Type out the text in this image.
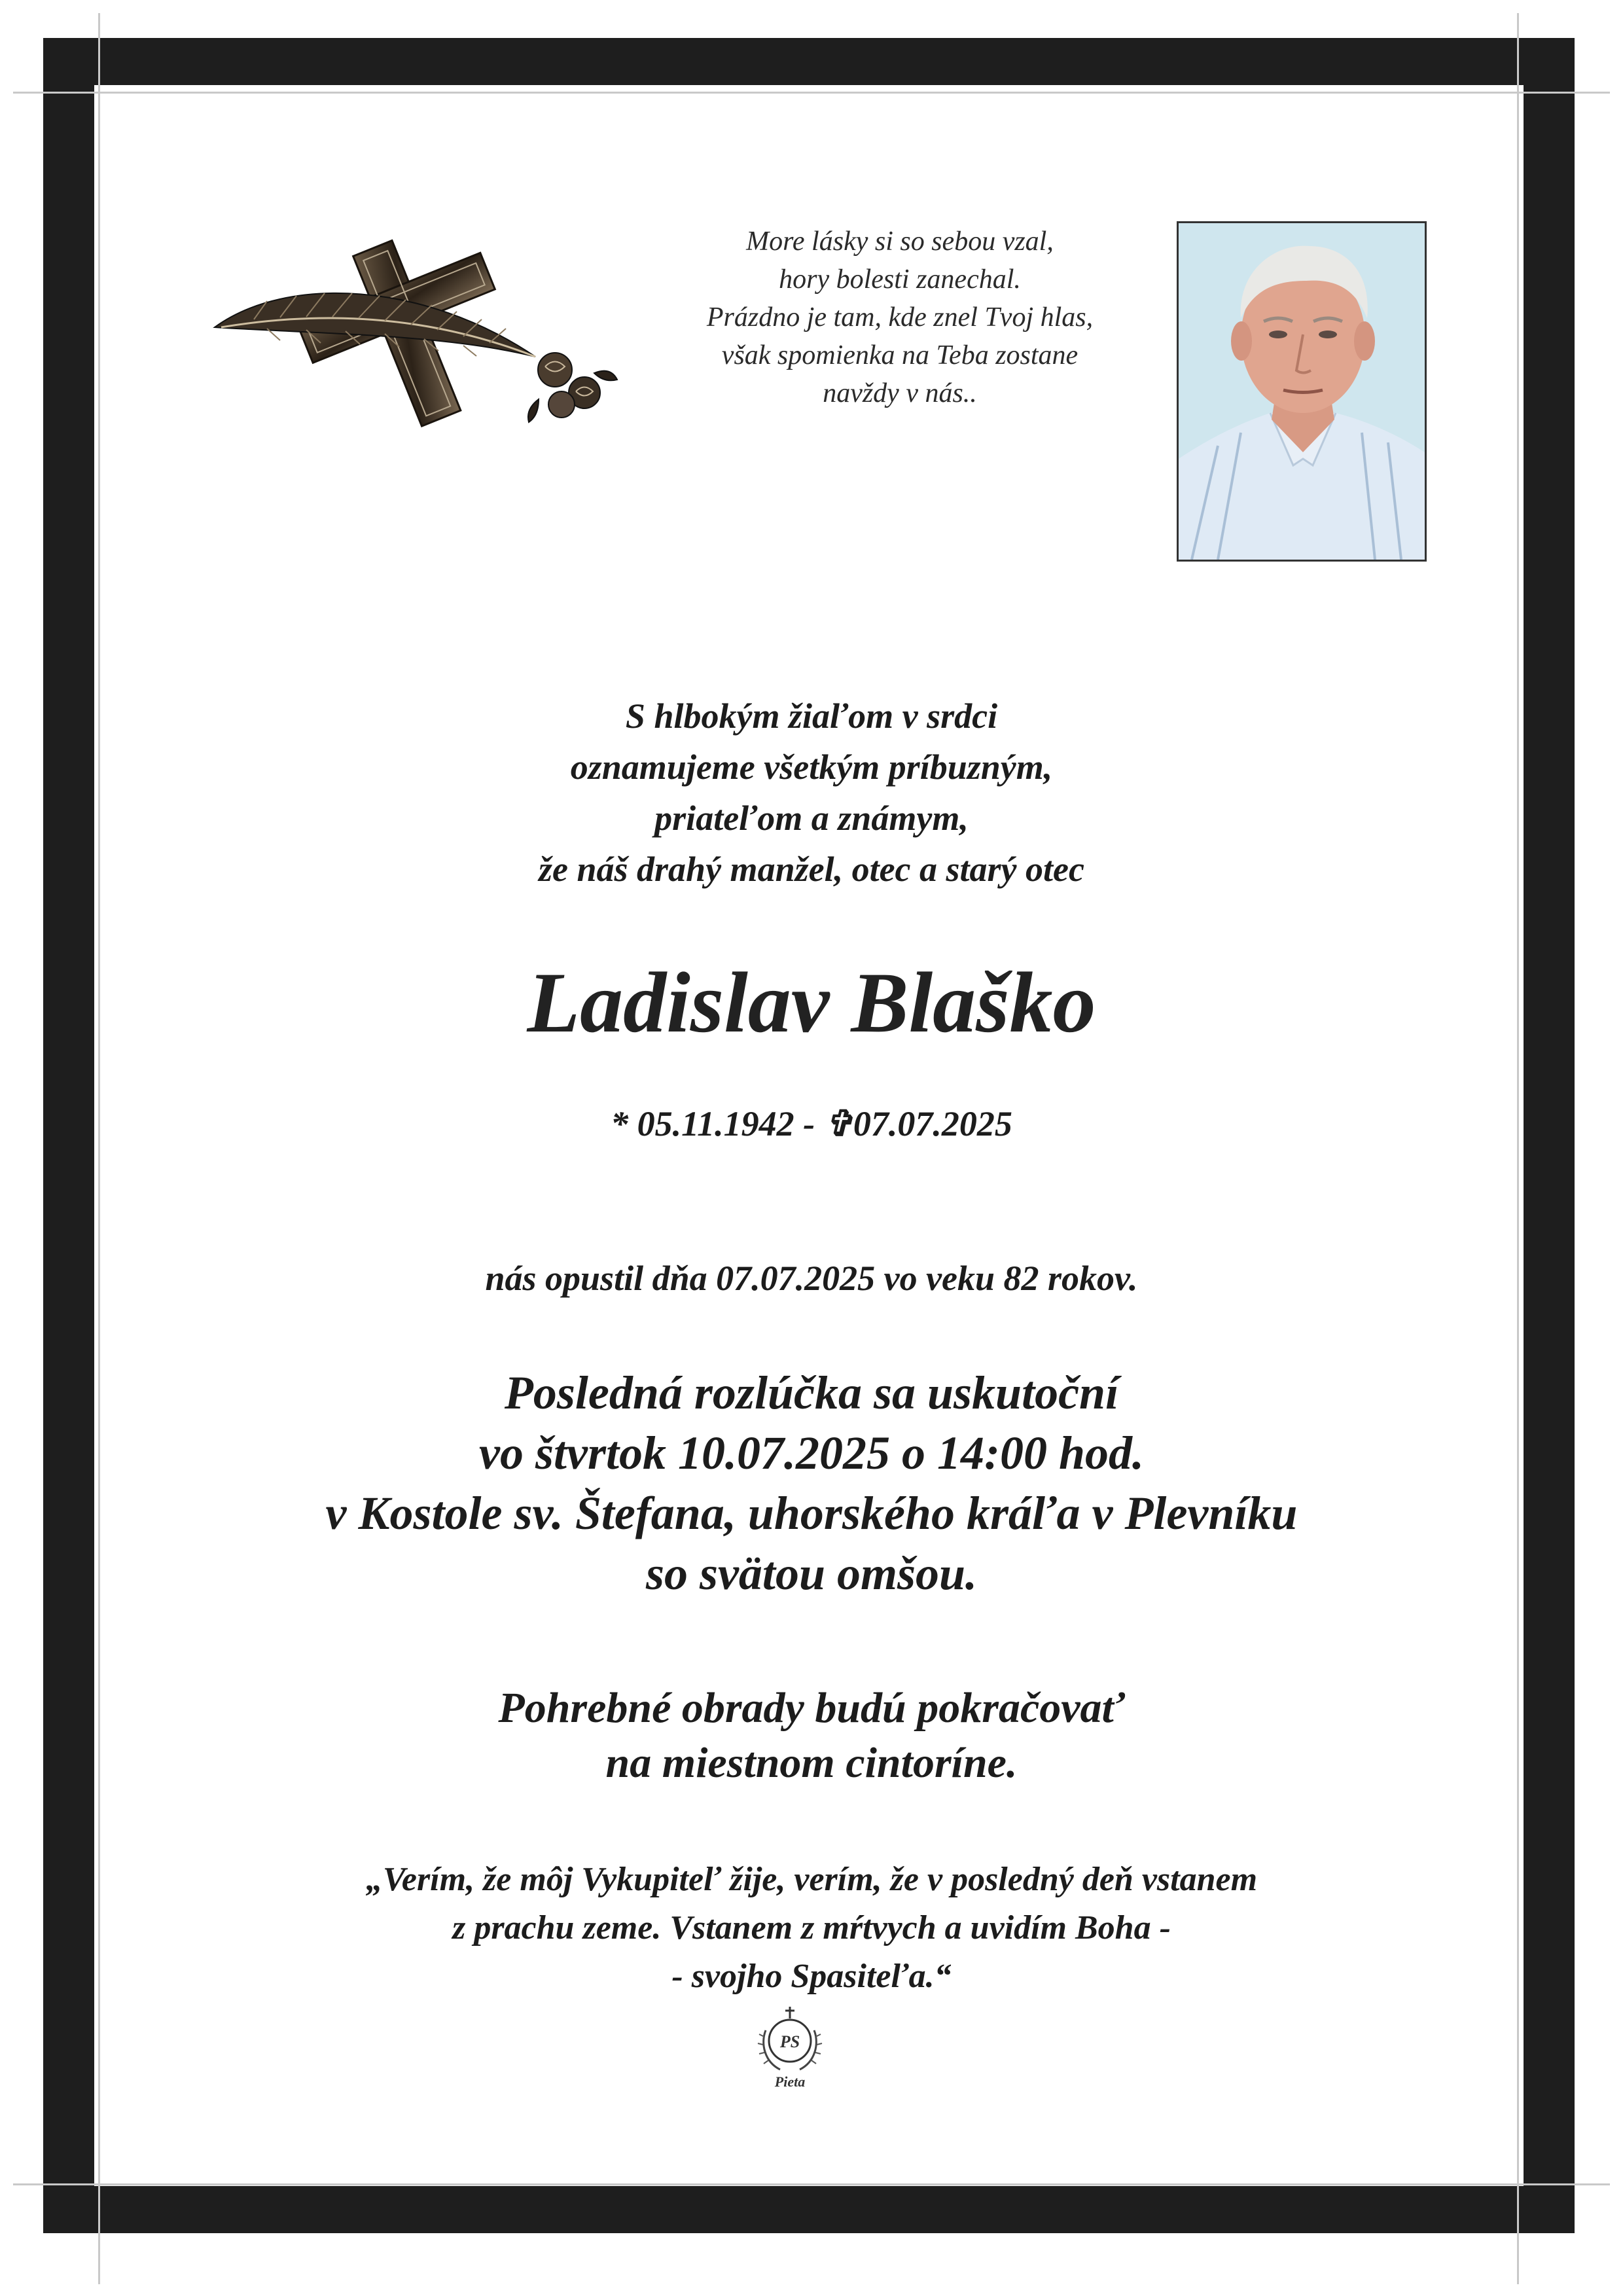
More lásky si so sebou vzal,
hory bolesti zanechal.
Prázdno je tam, kde znel Tvoj hlas,
však spomienka na Teba zostane
navždy v nás..
S hlbokým žiaľom v srdci
oznamujeme všetkým príbuzným,
priateľom a známym,
že náš drahý manžel, otec a starý otec
Ladislav Blaško
* 05.11.1942 - ✞07.07.2025
nás opustil dňa 07.07.2025 vo veku 82 rokov.
Posledná rozlúčka sa uskutoční
vo štvrtok 10.07.2025 o 14:00 hod.
v Kostole sv. Štefana, uhorského kráľa v Plevníku
so svätou omšou.
Pohrebné obrady budú pokračovať
na miestnom cintoríne.
„Verím, že môj Vykupiteľ žije, verím, že v posledný deň vstanem
z prachu zeme. Vstanem z mŕtvych a uvidím Boha -
- svojho Spasiteľa.“
PS
Pieta
